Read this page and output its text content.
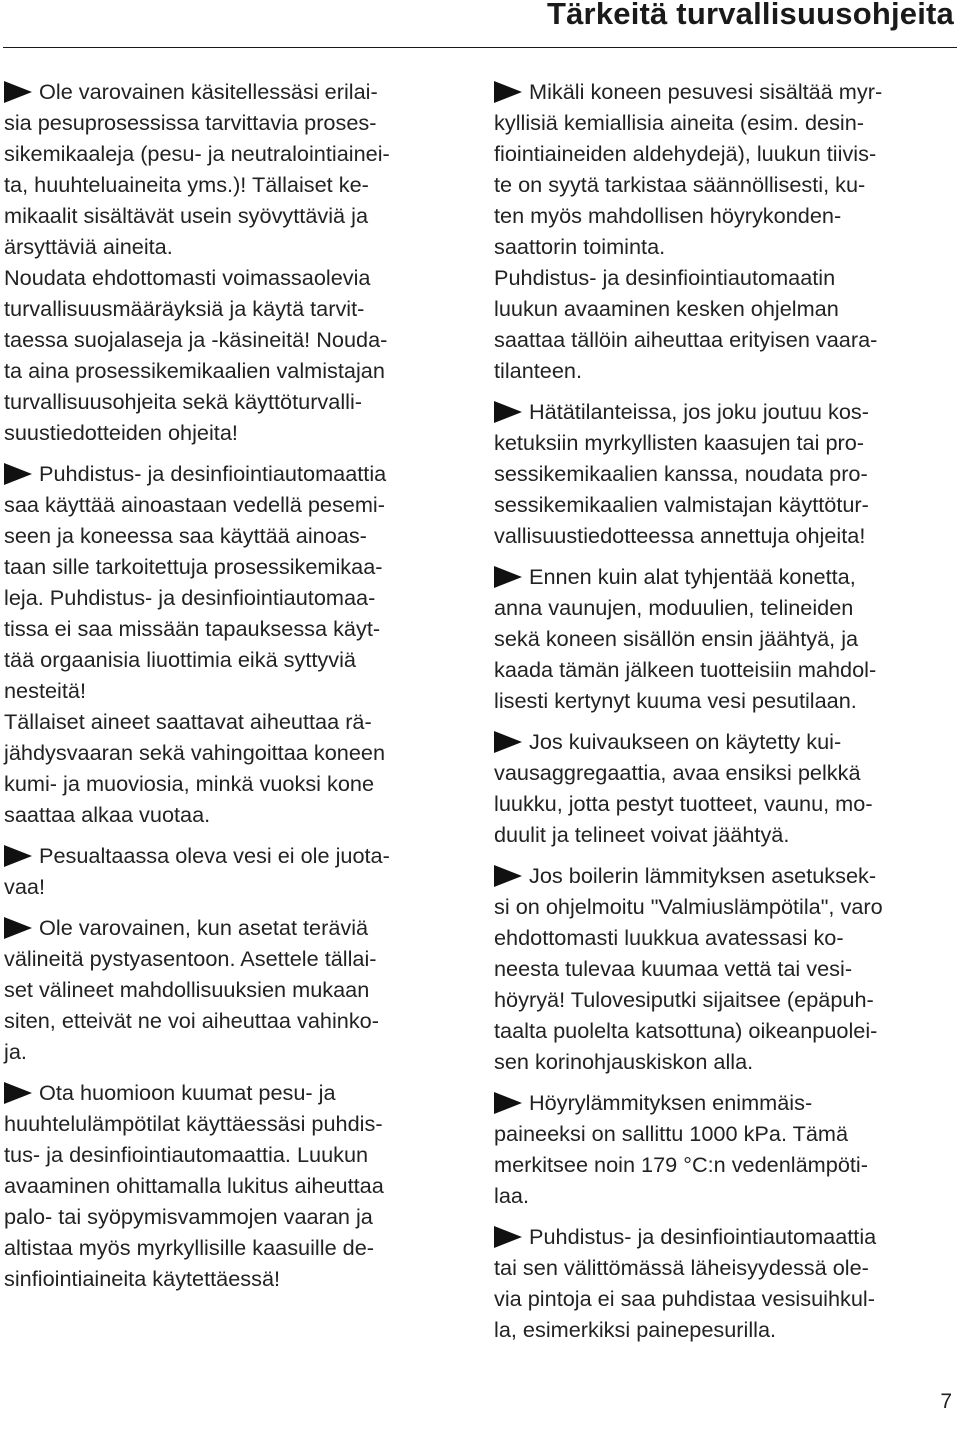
Tärkeitä turvallisuusohjeita

Ole varovainen käsitellessäsi erilai-
sia pesuprosessissa tarvittavia proses-
sikemikaaleja (pesu- ja neutralointiainei-
ta, huuhteluaineita yms.)! Tällaiset ke-
mikaalit sisältävät usein syövyttäviä ja
ärsyttäviä aineita.
Noudata ehdottomasti voimassaolevia
turvallisuusmääräyksiä ja käytä tarvit-
taessa suojalaseja ja -käsineitä! Nouda-
ta aina prosessikemikaalien valmistajan
turvallisuusohjeita sekä käyttöturvalli-
suustiedotteiden ohjeita!

Puhdistus- ja desinfiointiautomaattia
saa käyttää ainoastaan vedellä pesemi-
seen ja koneessa saa käyttää ainoas-
taan sille tarkoitettuja prosessikemikaa-
leja. Puhdistus- ja desinfiointiautomaa-
tissa ei saa missään tapauksessa käyt-
tää orgaanisia liuottimia eikä syttyviä
nesteitä!
Tällaiset aineet saattavat aiheuttaa rä-
jähdysvaaran sekä vahingoittaa koneen
kumi- ja muoviosia, minkä vuoksi kone
saattaa alkaa vuotaa.

Pesualtaassa oleva vesi ei ole juota-
vaa!

Ole varovainen, kun asetat teräviä
välineitä pystyasentoon. Asettele tällai-
set välineet mahdollisuuksien mukaan
siten, etteivät ne voi aiheuttaa vahinko-
ja.

Ota huomioon kuumat pesu- ja
huuhtelulämpötilat käyttäessäsi puhdis-
tus- ja desinfiointiautomaattia. Luukun
avaaminen ohittamalla lukitus aiheuttaa
palo- tai syöpymisvammojen vaaran ja
altistaa myös myrkyllisille kaasuille de-
sinfiointiaineita käytettäessä!

Mikäli koneen pesuvesi sisältää myr-
kyllisiä kemiallisia aineita (esim. desin-
fiointiaineiden aldehydejä), luukun tiivis-
te on syytä tarkistaa säännöllisesti, ku-
ten myös mahdollisen höyrykonden-
saattorin toiminta.
Puhdistus- ja desinfiointiautomaatin
luukun avaaminen kesken ohjelman
saattaa tällöin aiheuttaa erityisen vaara-
tilanteen.

Hätätilanteissa, jos joku joutuu kos-
ketuksiin myrkyllisten kaasujen tai pro-
sessikemikaalien kanssa, noudata pro-
sessikemikaalien valmistajan käyttötur-
vallisuustiedotteessa annettuja ohjeita!

Ennen kuin alat tyhjentää konetta,
anna vaunujen, moduulien, telineiden
sekä koneen sisällön ensin jäähtyä, ja
kaada tämän jälkeen tuotteisiin mahdol-
lisesti kertynyt kuuma vesi pesutilaan.

Jos kuivaukseen on käytetty kui-
vausaggregaattia, avaa ensiksi pelkkä
luukku, jotta pestyt tuotteet, vaunu, mo-
duulit ja telineet voivat jäähtyä.

Jos boilerin lämmityksen asetuksek-
si on ohjelmoitu "Valmiuslämpötila", varo
ehdottomasti luukkua avatessasi ko-
neesta tulevaa kuumaa vettä tai vesi-
höyryä! Tulovesiputki sijaitsee (epäpuh-
taalta puolelta katsottuna) oikeanpuolei-
sen korinohjauskiskon alla.

Höyrylämmityksen enimmäis-
paineeksi on sallittu 1000 kPa. Tämä
merkitsee noin 179 °C:n vedenlämpöti-
laa.

Puhdistus- ja desinfiointiautomaattia
tai sen välittömässä läheisyydessä ole-
via pintoja ei saa puhdistaa vesisuihkul-
la, esimerkiksi painepesurilla.

7
